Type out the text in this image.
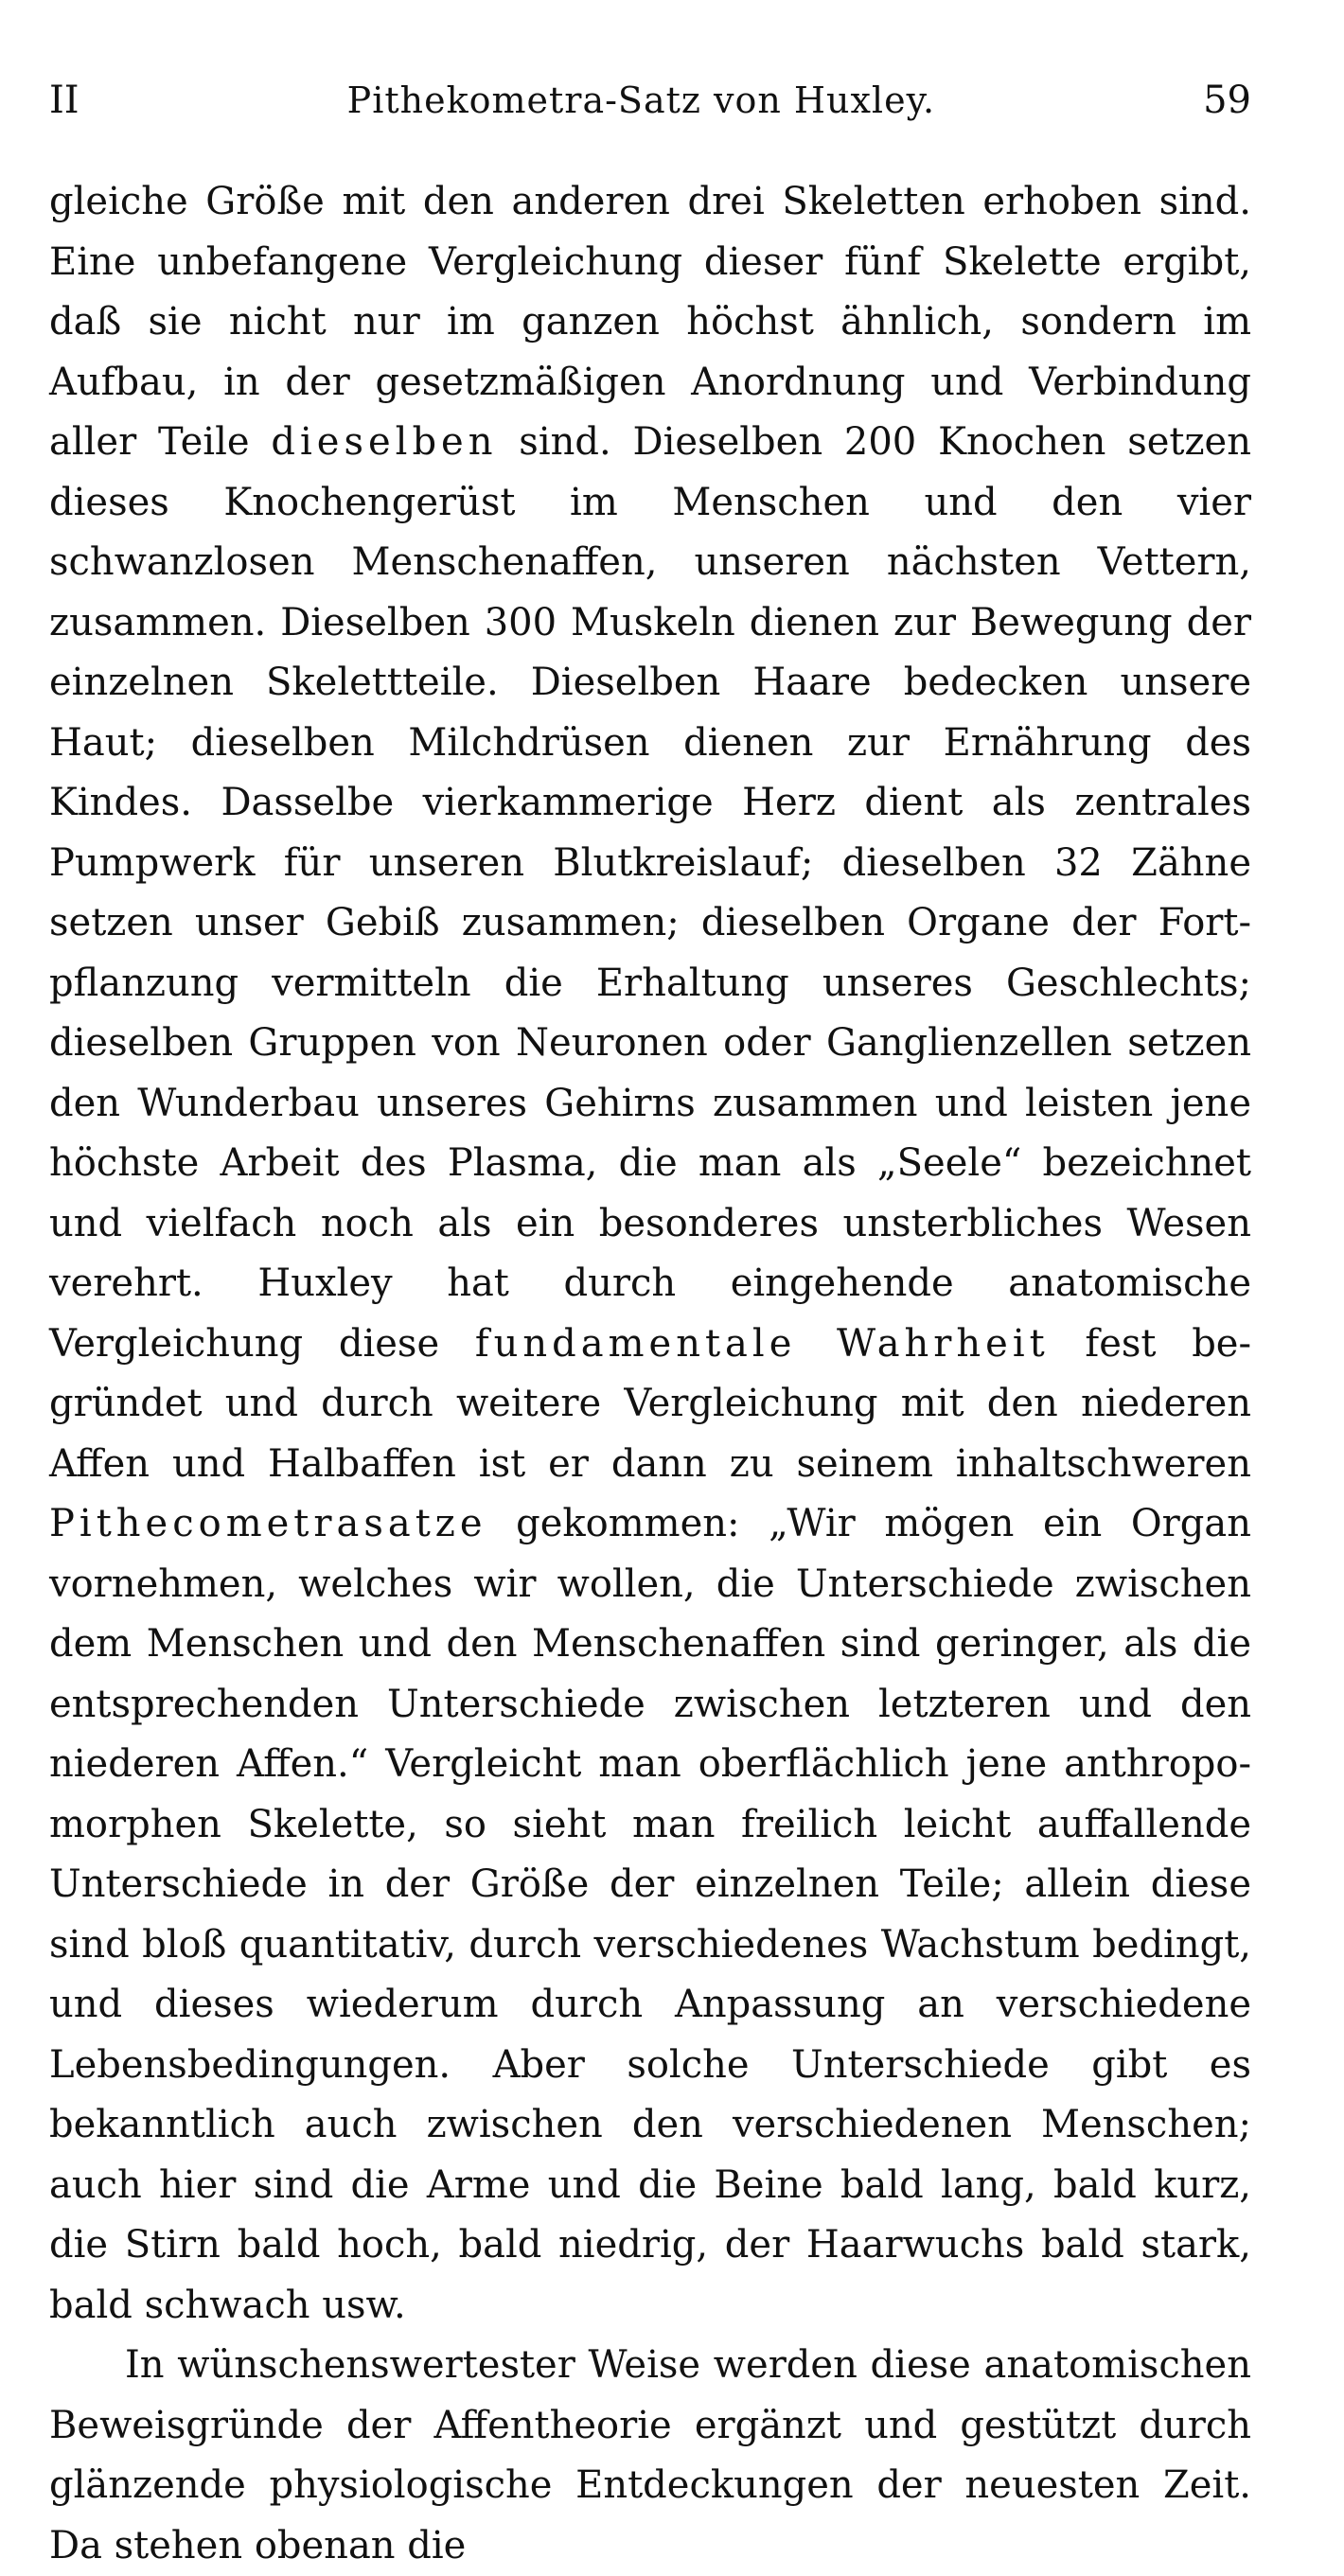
II	Pithekometra-Satz von Huxley.	59

gleiche Größe mit den anderen drei Skeletten erhoben sind. Eine unbefangene Vergleichung dieser fünf Skelette ergibt, daß sie nicht nur im ganzen höchst ähnlich, sondern im Aufbau, in der gesetzmäßigen Anordnung und Verbindung aller Teile dieselben sind. Dieselben 200 Knochen setzen dieses Knochengerüst im Menschen und den vier schwanzlosen Menschenaffen, unseren nächsten Vettern, zusammen. Dieselben 300 Muskeln dienen zur Bewegung der einzelnen Skelettteile. Dieselben Haare bedecken unsere Haut; dieselben Milchdrüsen dienen zur Ernährung des Kindes. Dasselbe vierkammerige Herz dient als zentrales Pumpwerk für unseren Blutkreislauf; dieselben 32 Zähne setzen unser Gebiß zusammen; dieselben Organe der Fortpflanzung vermitteln die Erhaltung unseres Geschlechts; dieselben Gruppen von Neuronen oder Ganglienzellen setzen den Wunderbau unseres Gehirns zusammen und leisten jene höchste Arbeit des Plasma, die man als „Seele“ bezeichnet und vielfach noch als ein besonderes unsterbliches Wesen verehrt. Huxley hat durch eingehende anatomische Vergleichung diese fundamentale Wahrheit fest begründet und durch weitere Vergleichung mit den niederen Affen und Halbaffen ist er dann zu seinem inhaltschweren Pithecometrasatze gekommen: „Wir mögen ein Organ vornehmen, welches wir wollen, die Unterschiede zwischen dem Menschen und den Menschenaffen sind geringer, als die entsprechenden Unterschiede zwischen letzteren und den niederen Affen.“ Vergleicht man oberflächlich jene anthropomorphen Skelette, so sieht man freilich leicht auffallende Unterschiede in der Größe der einzelnen Teile; allein diese sind bloß quantitativ, durch verschiedenes Wachstum bedingt, und dieses wiederum durch Anpassung an verschiedene Lebensbedingungen. Aber solche Unterschiede gibt es bekanntlich auch zwischen den verschiedenen Menschen; auch hier sind die Arme und die Beine bald lang, bald kurz, die Stirn bald hoch, bald niedrig, der Haarwuchs bald stark, bald schwach usw.

In wünschenswertester Weise werden diese anatomischen Beweisgründe der Affentheorie ergänzt und gestützt durch glänzende physiologische Entdeckungen der neuesten Zeit. Da stehen obenan die
